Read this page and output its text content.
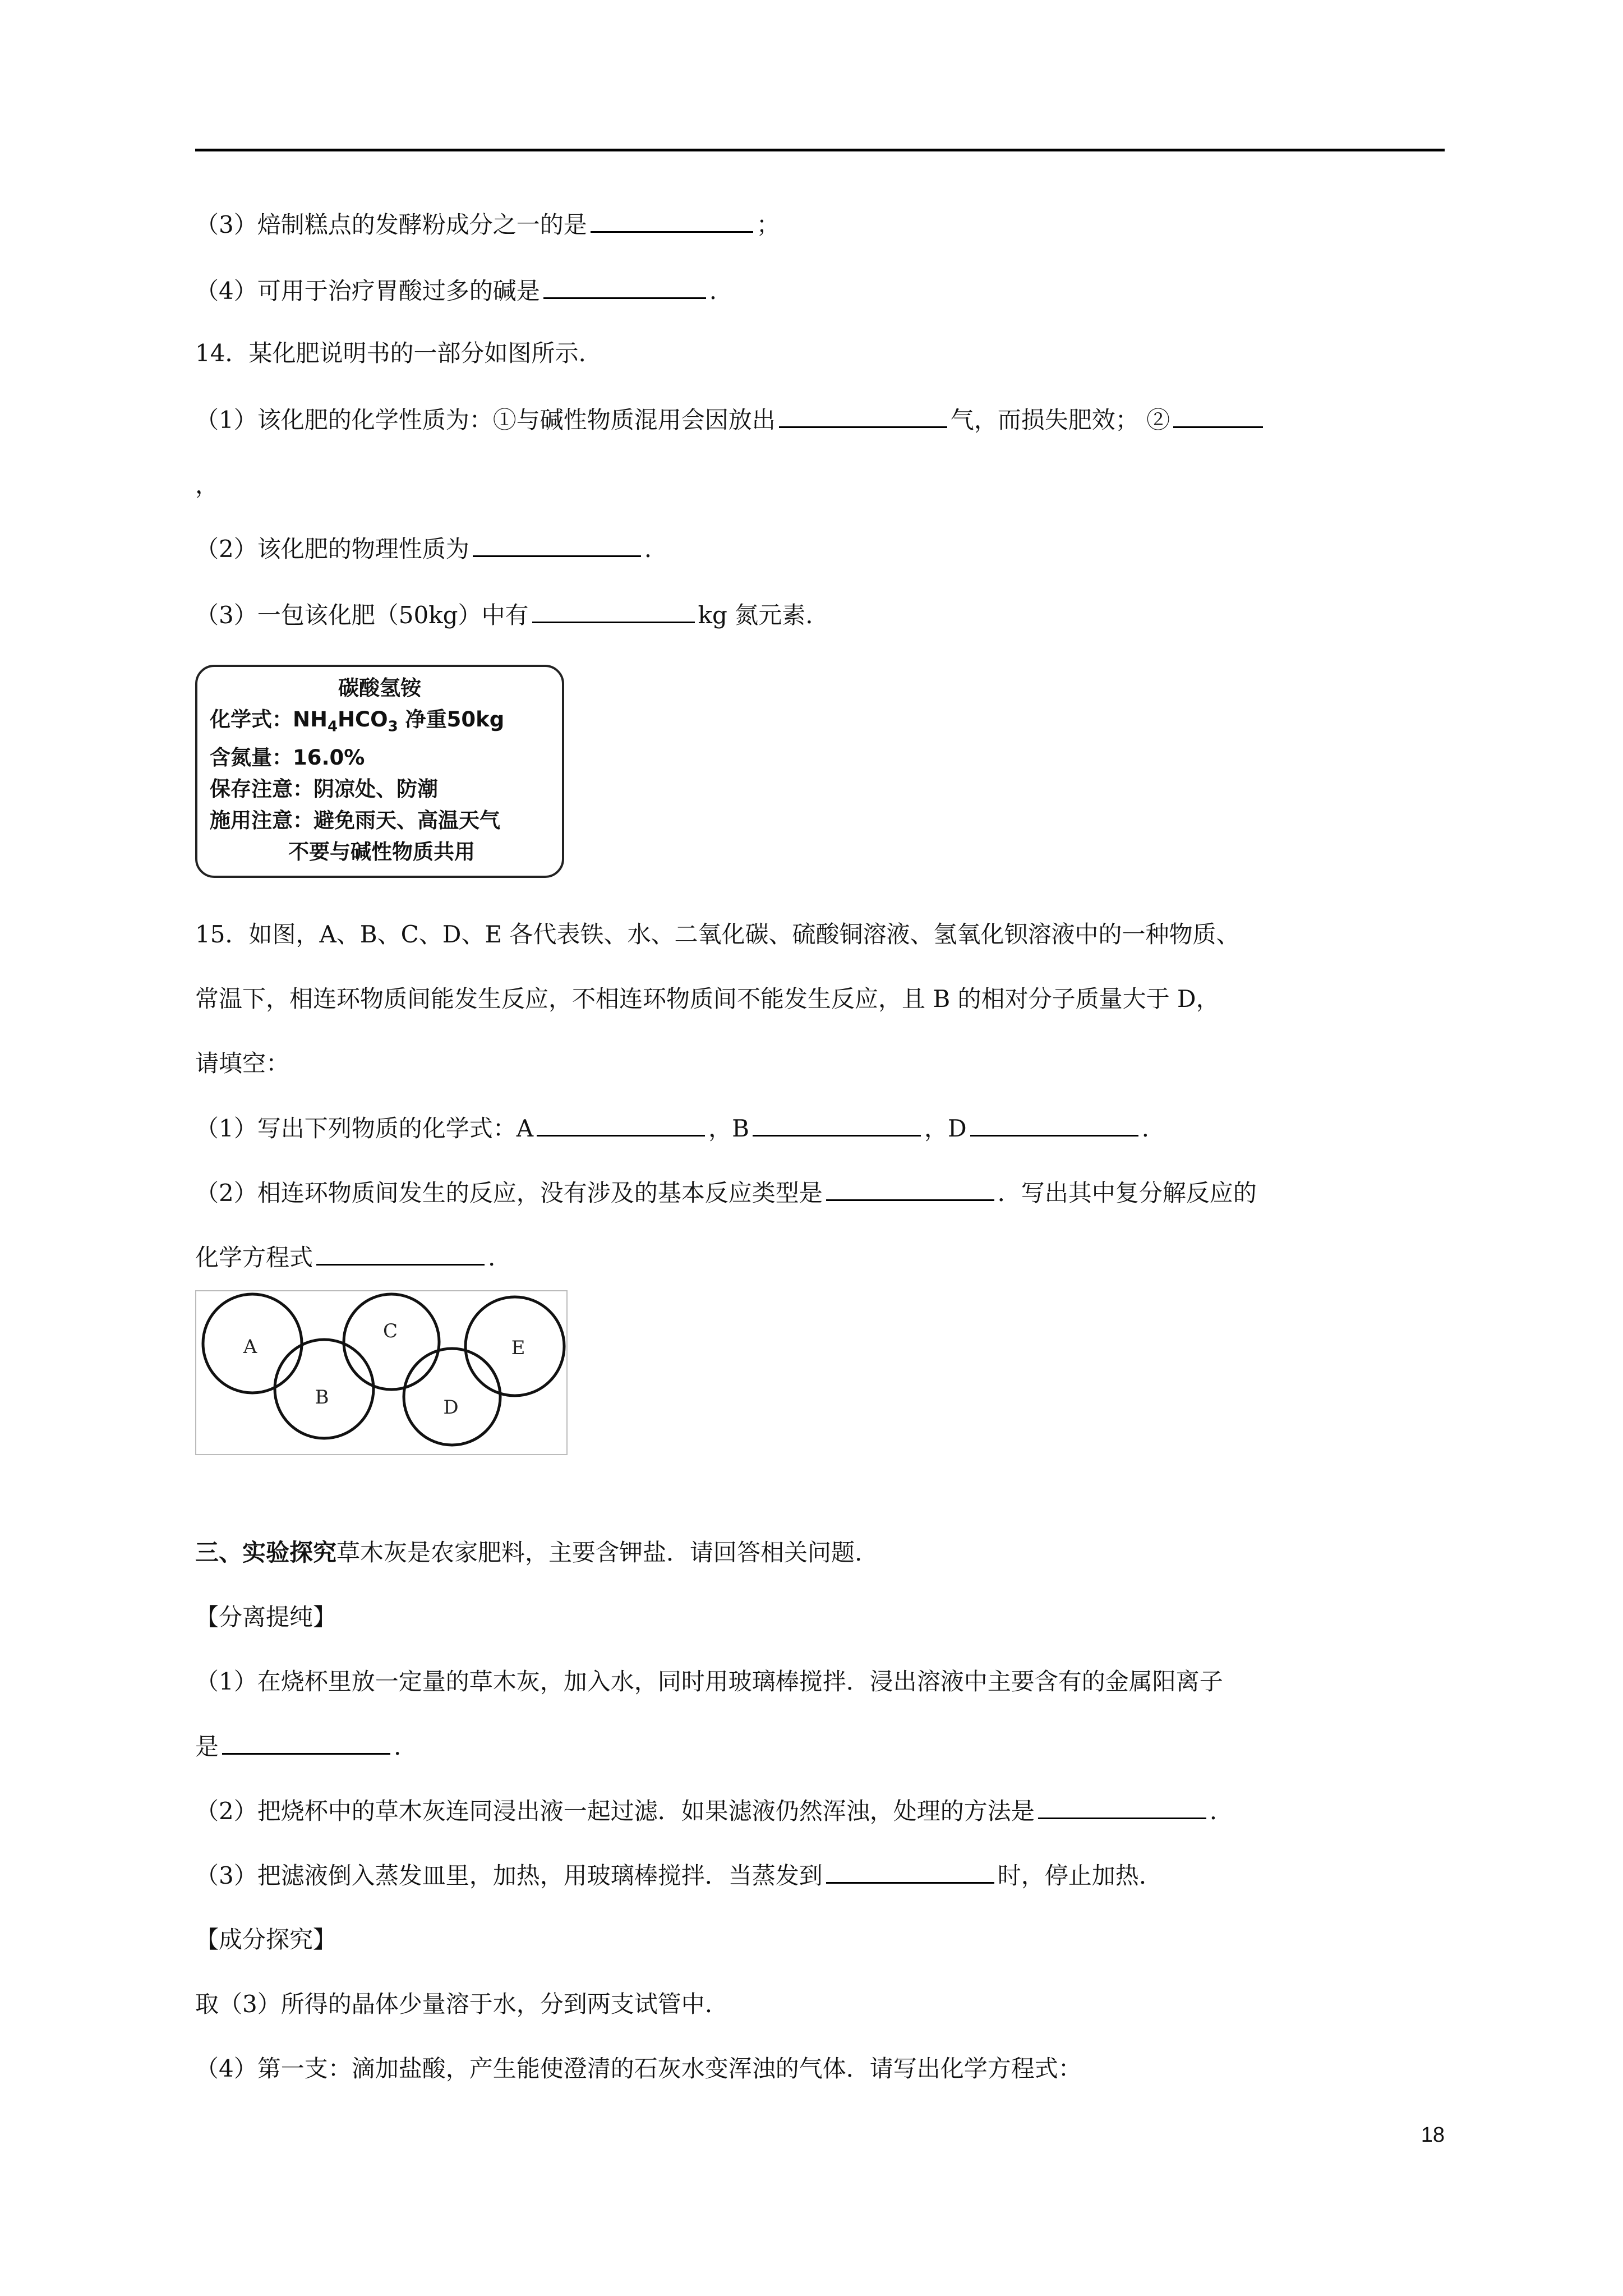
（3）焙制糕点的发酵粉成分之一的是	；
（4）可用于治疗胃酸过多的碱是	.
14．某化肥说明书的一部分如图所示.
（1）该化肥的化学性质为：①与碱性物质混用会因放出	气，而损失肥效； ②
，
（2）该化肥的物理性质为	.
（3）一包该化肥（50kg）中有	kg 氮元素.
碳酸氢铵
化学式：$NH_4HCO_3$ 净重50kg
含氮量：16.0%
保存注意：阴凉处、防潮
施用注意：避免雨天、高温天气
不要与碱性物质共用
15．如图，A、B、C、D、E 各代表铁、水、二氧化碳、硫酸铜溶液、氢氧化钡溶液中的一种物质、
常温下，相连环物质间能发生反应，不相连环物质间不能发生反应，且 B 的相对分子质量大于 D，
请填空：
（1）写出下列物质的化学式：A	，B	，D	.
（2）相连环物质间发生的反应，没有涉及的基本反应类型是	．写出其中复分解反应的
化学方程式	.
A
B
C
D
E
三、实验探究草木灰是农家肥料，主要含钾盐．请回答相关问题.
【分离提纯】
（1）在烧杯里放一定量的草木灰，加入水，同时用玻璃棒搅拌．浸出溶液中主要含有的金属阳离子
是	.
（2）把烧杯中的草木灰连同浸出液一起过滤．如果滤液仍然浑浊，处理的方法是	.
（3）把滤液倒入蒸发皿里，加热，用玻璃棒搅拌．当蒸发到	时，停止加热.
【成分探究】
取（3）所得的晶体少量溶于水，分到两支试管中.
（4）第一支：滴加盐酸，产生能使澄清的石灰水变浑浊的气体．请写出化学方程式：
18
